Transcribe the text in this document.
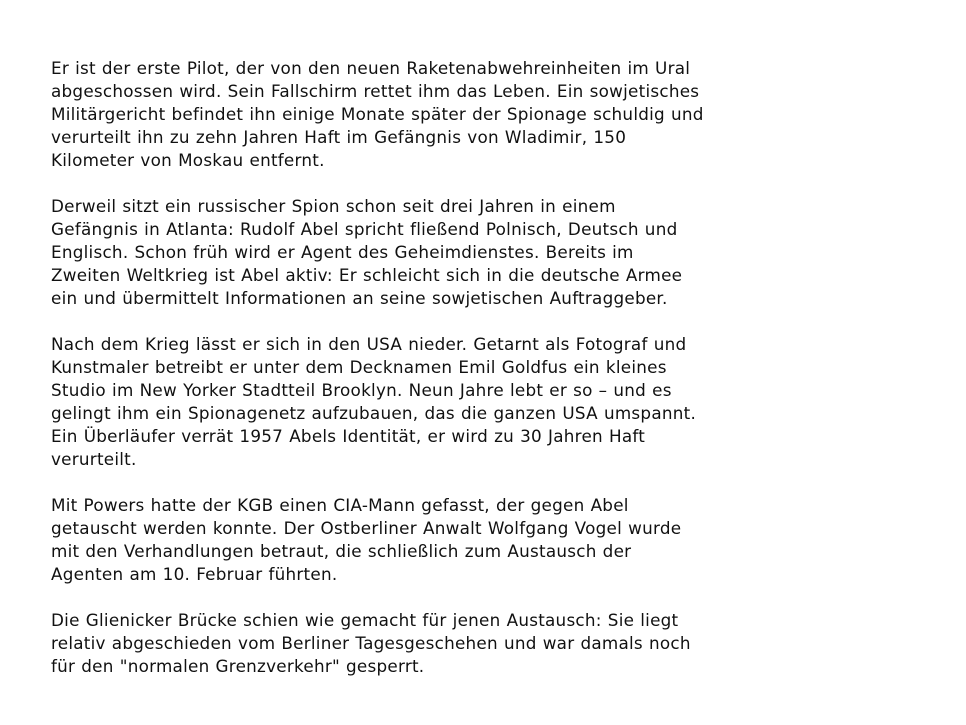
Er ist der erste Pilot, der von den neuen Raketenabwehreinheiten im Ural
abgeschossen wird. Sein Fallschirm rettet ihm das Leben. Ein sowjetisches
Militärgericht befindet ihn einige Monate später der Spionage schuldig und
verurteilt ihn zu zehn Jahren Haft im Gefängnis von Wladimir, 150
Kilometer von Moskau entfernt.

Derweil sitzt ein russischer Spion schon seit drei Jahren in einem
Gefängnis in Atlanta: Rudolf Abel spricht fließend Polnisch, Deutsch und
Englisch. Schon früh wird er Agent des Geheimdienstes. Bereits im
Zweiten Weltkrieg ist Abel aktiv: Er schleicht sich in die deutsche Armee
ein und übermittelt Informationen an seine sowjetischen Auftraggeber.

Nach dem Krieg lässt er sich in den USA nieder. Getarnt als Fotograf und
Kunstmaler betreibt er unter dem Decknamen Emil Goldfus ein kleines
Studio im New Yorker Stadtteil Brooklyn. Neun Jahre lebt er so – und es
gelingt ihm ein Spionagenetz aufzubauen, das die ganzen USA umspannt.
Ein Überläufer verrät 1957 Abels Identität, er wird zu 30 Jahren Haft
verurteilt.

Mit Powers hatte der KGB einen CIA-Mann gefasst, der gegen Abel
getauscht werden konnte. Der Ostberliner Anwalt Wolfgang Vogel wurde
mit den Verhandlungen betraut, die schließlich zum Austausch der
Agenten am 10. Februar führten.

Die Glienicker Brücke schien wie gemacht für jenen Austausch: Sie liegt
relativ abgeschieden vom Berliner Tagesgeschehen und war damals noch
für den "normalen Grenzverkehr" gesperrt.
